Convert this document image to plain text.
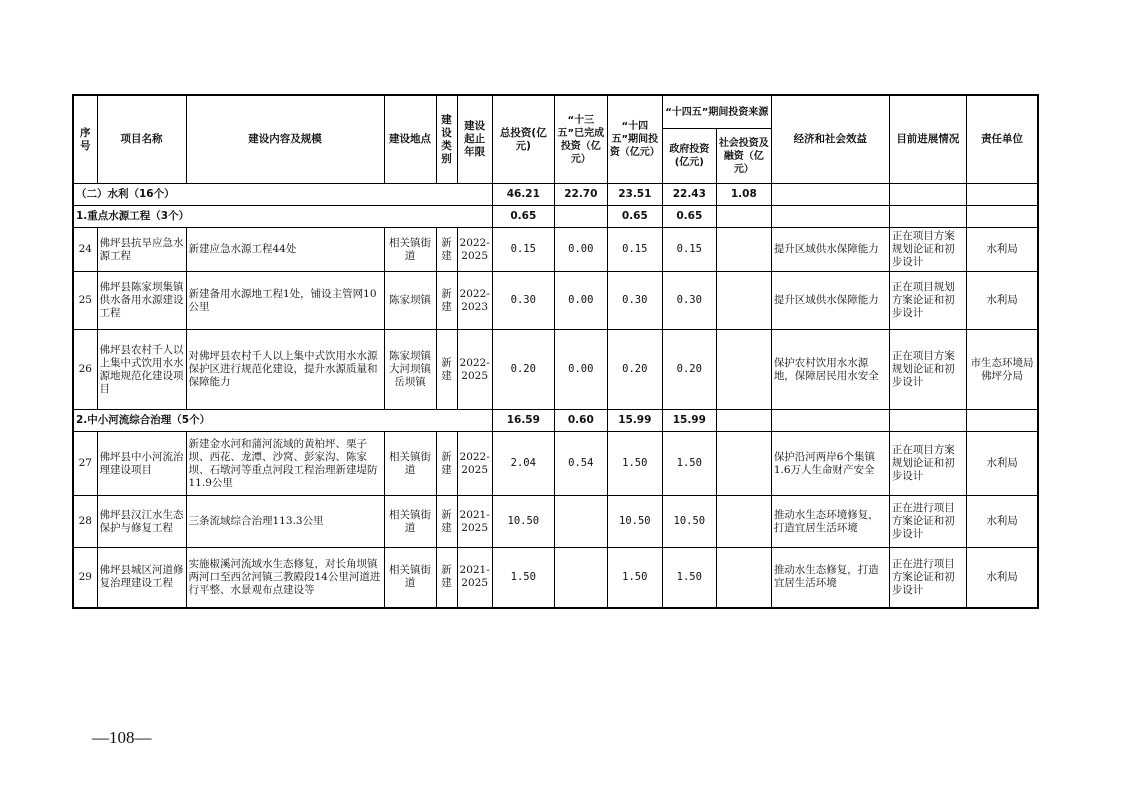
序号	项目名称	建设内容及规模	建设地点	建设类别	建设起止年限	总投资(亿元)	“十三五”已完成投资（亿元）	“十四五”期间投资（亿元）	“十四五”期间投资来源		经济和社会效益	目前进展情况	责任单位
									政府投资(亿元)	社会投资及融资（亿元）			
（二）水利（16个）						46.21	22.70	23.51	22.43	1.08			
1.重点水源工程（3个）						0.65		0.65	0.65				
24	佛坪县抗旱应急水源工程	新建应急水源工程44处	相关镇街道	新建	2022-2025	0.15	0.00	0.15	0.15		提升区域供水保障能力	正在项目方案规划论证和初步设计	水利局
25	佛坪县陈家坝集镇供水备用水源建设工程	新建备用水源地工程1处，铺设主管网10公里	陈家坝镇	新建	2022-2023	0.30	0.00	0.30	0.30		提升区域供水保障能力	正在项目规划方案论证和初步设计	水利局
26	佛坪县农村千人以上集中式饮用水水源地规范化建设项目	对佛坪县农村千人以上集中式饮用水水源保护区进行规范化建设，提升水源质量和保障能力	陈家坝镇大河坝镇岳坝镇	新建	2022-2025	0.20	0.00	0.20	0.20		保护农村饮用水水源地，保障居民用水安全	正在项目方案规划论证和初步设计	市生态环境局佛坪分局
2.中小河流综合治理（5个）						16.59	0.60	15.99	15.99				
27	佛坪县中小河流治理建设项目	新建金水河和蒲河流域的黄柏坪、栗子坝、西花、龙潭、沙窝、彭家沟、陈家坝、石墩河等重点河段工程治理新建堤防11.9公里	相关镇街道	新建	2022-2025	2.04	0.54	1.50	1.50		保护沿河两岸6个集镇1.6万人生命财产安全	正在项目方案规划论证和初步设计	水利局
28	佛坪县汉江水生态保护与修复工程	三条流域综合治理113.3公里	相关镇街道	新建	2021-2025	10.50		10.50	10.50		推动水生态环境修复，打造宜居生活环境	正在进行项目方案论证和初步设计	水利局
29	佛坪县城区河道修复治理建设工程	实施椒溪河流域水生态修复，对长角坝镇两河口至西岔河镇三教殿段14公里河道进行平整、水景观布点建设等	相关镇街道	新建	2021-2025	1.50		1.50	1.50		推动水生态修复，打造宜居生活环境	正在进行项目方案论证和初步设计	水利局
—108—
